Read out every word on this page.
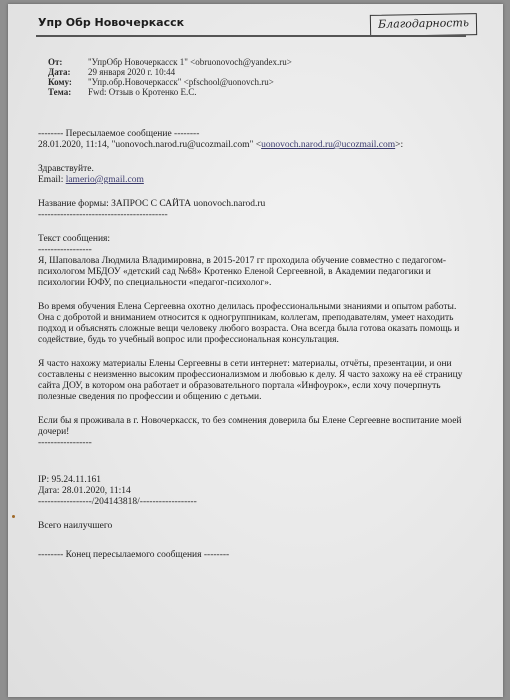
Упр Обр Новочеркасск	Благодарность
От:	"УпрОбр Новочеркасск 1" <obruonovoch@yandex.ru>
Дата:	29 января 2020 г. 10:44
Кому:	"Упр.обр.Новочеркасск" <pfschool@uonovch.ru>
Тема:	Fwd: Отзыв о Кротенко Е.С.

-------- Пересылаемое сообщение --------

28.01.2020, 11:14, "uonovoch.narod.ru@ucozmail.com" <uonovoch.narod.ru@ucozmail.com>:

Здравствуйте.

Email: lamerio@gmail.com

Название формы: ЗАПРОС С САЙТА uonovoch.narod.ru

-----------------------------------------

Текст сообщения:

-----------------

Я, Шаповалова Людмила Владимировна, в 2015-2017 гг проходила обучение совместно с педагогом-психологом МБДОУ «детский сад №68» Кротенко Еленой Сергеевной, в Академии педагогики и психологии ЮФУ, по специальности «педагог-психолог».

Во время обучения Елена Сергеевна охотно делилась профессиональными знаниями и опытом работы. Она с добротой и вниманием относится к одногруппникам, коллегам, преподавателям, умеет находить подход и объяснять сложные вещи человеку любого возраста. Она всегда была готова оказать помощь и содействие, будь то учебный вопрос или профессиональная консультация.

Я часто нахожу материалы Елены Сергеевны в сети интернет: материалы, отчёты, презентации, и они составлены с неизменно высоким профессионализмом и любовью к делу. Я часто захожу на её страницу сайта ДОУ, в котором она работает и образовательного портала «Инфоурок», если хочу почерпнуть полезные сведения по профессии и общению с детьми.

Если бы я проживала в г. Новочеркасск, то без сомнения доверила бы Елене Сергеевне воспитание моей дочери!

-----------------

IP: 95.24.11.161

Дата: 28.01.2020, 11:14

-----------------/204143818/------------------

Всего наилучшего

-------- Конец пересылаемого сообщения --------
